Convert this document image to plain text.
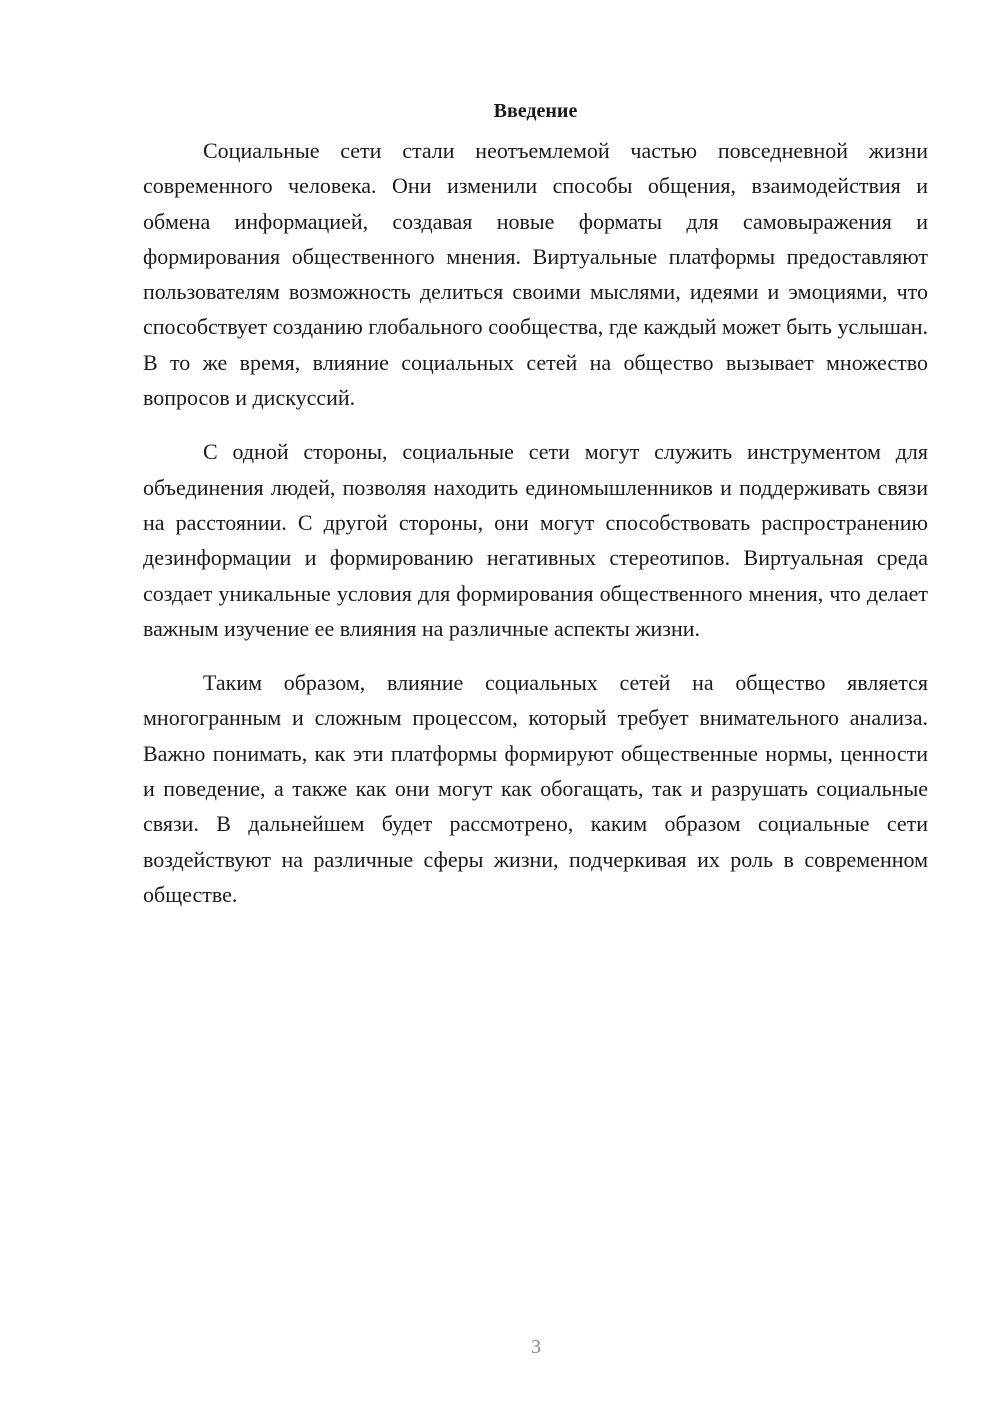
Введение

Социальные сети стали неотъемлемой частью повседневной жизни современного человека. Они изменили способы общения, взаимодействия и обмена информацией, создавая новые форматы для самовыражения и формирования общественного мнения. Виртуальные платформы предоставляют пользователям возможность делиться своими мыслями, идеями и эмоциями, что способствует созданию глобального сообщества, где каждый может быть услышан. В то же время, влияние социальных сетей на общество вызывает множество вопросов и дискуссий.

С одной стороны, социальные сети могут служить инструментом для объединения людей, позволяя находить единомышленников и поддерживать связи на расстоянии. С другой стороны, они могут способствовать распространению дезинформации и формированию негативных стереотипов. Виртуальная среда создает уникальные условия для формирования общественного мнения, что делает важным изучение ее влияния на различные аспекты жизни.

Таким образом, влияние социальных сетей на общество является многогранным и сложным процессом, который требует внимательного анализа. Важно понимать, как эти платформы формируют общественные нормы, ценности и поведение, а также как они могут как обогащать, так и разрушать социальные связи. В дальнейшем будет рассмотрено, каким образом социальные сети воздействуют на различные сферы жизни, подчеркивая их роль в современном обществе.

3
